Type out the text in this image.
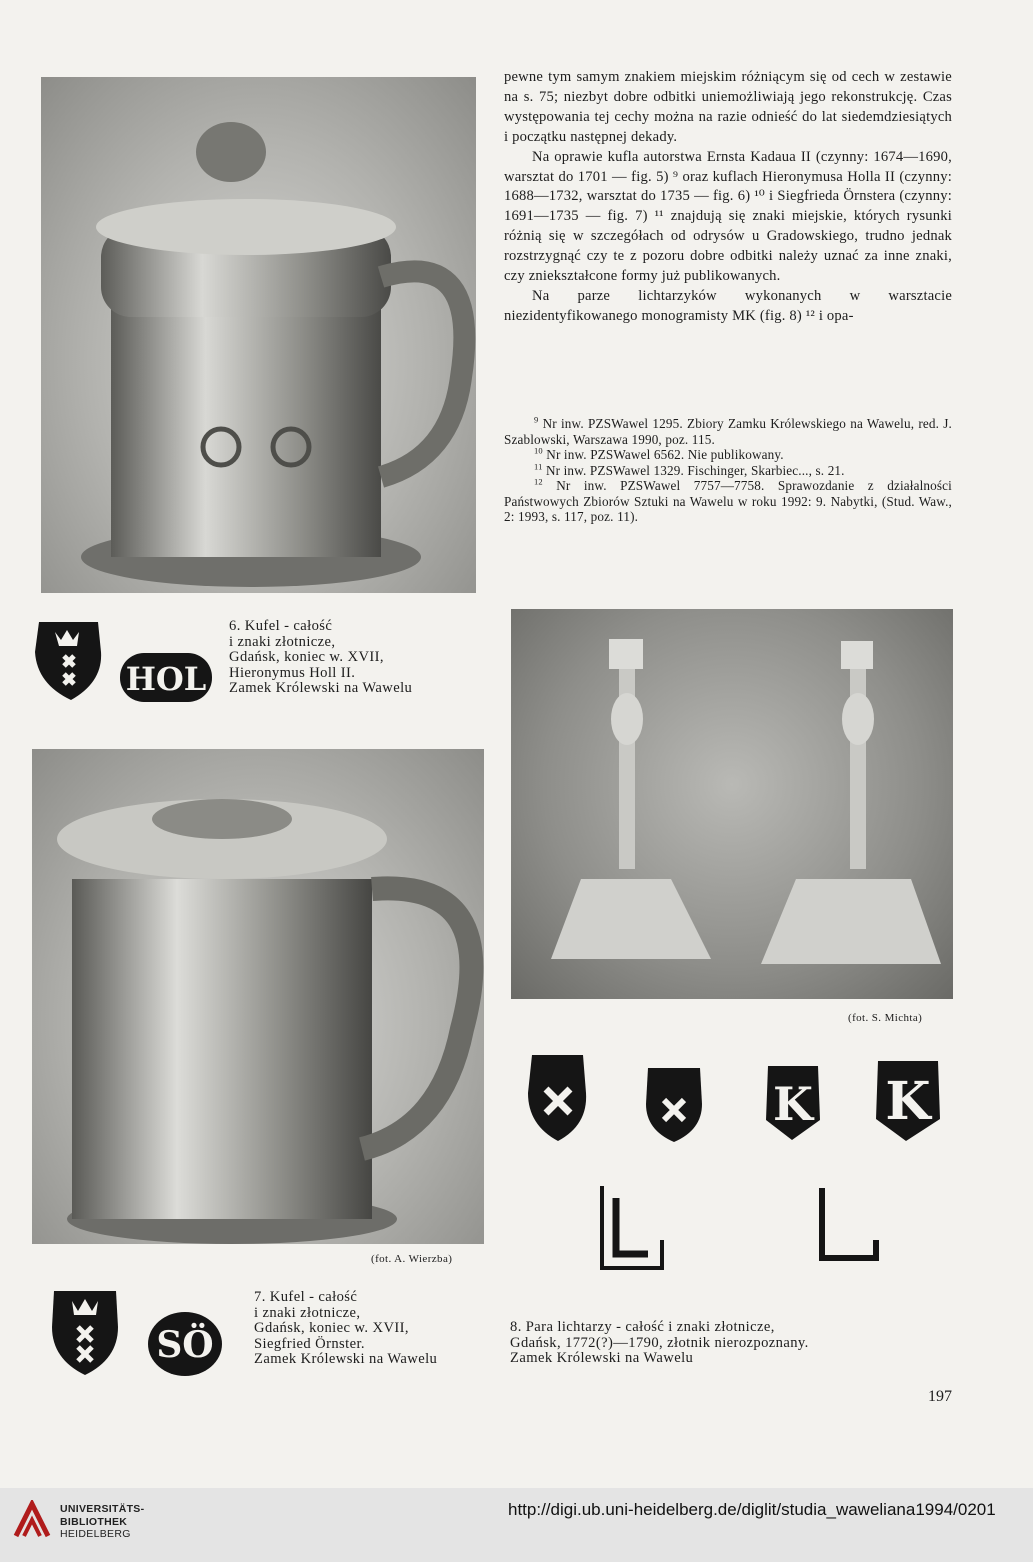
HOL
6. Kufel - całość
i znaki złotnicze,
Gdańsk, koniec w. XVII,
Hieronymus Holl II.
Zamek Królewski na Wawelu

pewne tym samym znakiem miejskim różniącym się od cech w zestawie na s. 75; niezbyt dobre odbitki uniemożliwiają jego rekonstrukcję. Czas występowania tej cechy można na razie odnieść do lat siedemdziesiątych i początku następnej dekady.

Na oprawie kufla autorstwa Ernsta Kadaua II (czynny: 1674—1690, warsztat do 1701 — fig. 5) ⁹ oraz kuflach Hieronymusa Holla II (czynny: 1688—1732, warsztat do 1735 — fig. 6) ¹⁰ i Siegfrieda Örnstera (czynny: 1691—1735 — fig. 7) ¹¹ znajdują się znaki miejskie, których rysunki różnią się w szczegółach od odrysów u Gradowskiego, trudno jednak rozstrzygnąć czy te z pozoru dobre odbitki należy uznać za inne znaki, czy zniekształcone formy już publikowanych.

Na parze lichtarzyków wykonanych w warsztacie niezidentyfikowanego monogramisty MK (fig. 8) ¹² i opa-

$^9$ Nr inw. PZSWawel 1295. Zbiory Zamku Królewskiego na Wawelu, red. J. Szablowski, Warszawa 1990, poz. 115.

$^{10}$ Nr inw. PZSWawel 6562. Nie publikowany.

$^{11}$ Nr inw. PZSWawel 1329. Fischinger, Skarbiec..., s. 21.

$^{12}$ Nr inw. PZSWawel 7757—7758. Sprawozdanie z działalności Państwowych Zbiorów Sztuki na Wawelu w roku 1992: 9. Nabytki, (Stud. Waw., 2: 1993, s. 117, poz. 11).

(fot. S. Michta)
(fot. A. Wierzba)
K K
8. Para lichtarzy - całość i znaki złotnicze,
Gdańsk, 1772(?)—1790, złotnik nierozpoznany.
Zamek Królewski na Wawelu
SÖ
7. Kufel - całość
i znaki złotnicze,
Gdańsk, koniec w. XVII,
Siegfried Örnster.
Zamek Królewski na Wawelu
197
UNIVERSITÄTS-
BIBLIOTHEK
HEIDELBERG
http://digi.ub.uni-heidelberg.de/diglit/studia_waweliana1994/0201
